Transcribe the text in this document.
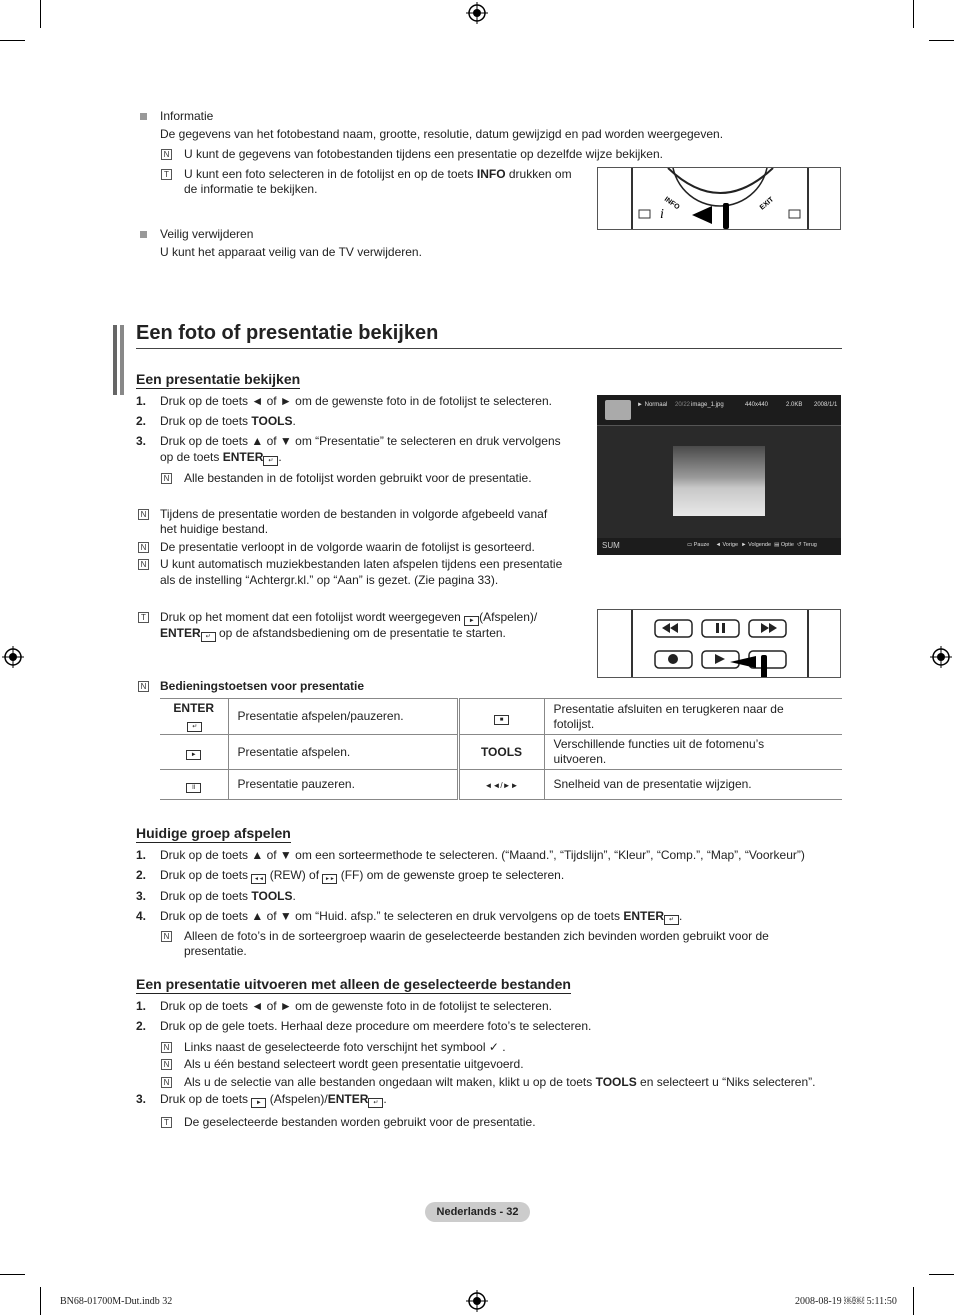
Informatie
De gegevens van het fotobestand naam, grootte, resolutie, datum gewijzigd en pad worden weergegeven.
N U kunt de gegevens van fotobestanden tijdens een presentatie op dezelfde wijze bekijken.
T U kunt een foto selecteren in de fotolijst en op de toets INFO drukken om
de informatie te bekijken.
INFO	EXIT
i
Veilig verwijderen
U kunt het apparaat veilig van de TV verwijderen.
Een foto of presentatie bekijken
Een presentatie bekijken
1. Druk op de toets ◄ of ► om de gewenste foto in de fotolijst te selecteren.
2. Druk op de toets TOOLS.
3. Druk op de toets ▲ of ▼ om “Presentatie” te selecteren en druk vervolgens
op de toets ENTER ↵ .
N Alle bestanden in de fotolijst worden gebruikt voor de presentatie.
N Tijdens de presentatie worden de bestanden in volgorde afgebeeld vanaf
het huidige bestand.
N De presentatie verloopt in de volgorde waarin de fotolijst is gesorteerd.
N U kunt automatisch muziekbestanden laten afspelen tijdens een presentatie
als de instelling “Achtergr.kl.” op “Aan” is gezet. (Zie pagina 33).
► Normaal 20/22 image_1.jpg	440x440	2.0KB 2008/1/1
SUM	▭ Pauze    ◄ Vorige  ► Volgende  ▤ Optie  ↺ Terug
T Druk op het moment dat een fotolijst wordt weergegeven ► (Afspelen)/
ENTER ↵ op de afstandsbediening om de presentatie te starten.
N Bedieningstoetsen voor presentatie
ENTER↵	Presentatie afspelen/pauzeren.	■	Presentatie afsluiten en terugkeren naar de
fotolijst.
►	Presentatie afspelen.	TOOLS	Verschillende functies uit de fotomenu’s
uitvoeren.
II	Presentatie pauzeren.	◄◄/►►	Snelheid van de presentatie wijzigen.
Huidige groep afspelen
1. Druk op de toets ▲ of ▼ om een sorteermethode te selecteren. (“Maand.”, “Tijdslijn”, “Kleur”, “Comp.”, “Map”, “Voorkeur”)
2. Druk op de toets ◄◄ (REW) of ►► (FF) om de gewenste groep te selecteren.
3. Druk op de toets TOOLS.
4. Druk op de toets ▲ of ▼ om “Huid. afsp.” te selecteren en druk vervolgens op de toets ENTER ↵ .
N Alleen de foto’s in de sorteergroep waarin de geselecteerde bestanden zich bevinden worden gebruikt voor de
presentatie.
Een presentatie uitvoeren met alleen de geselecteerde bestanden
1. Druk op de toets ◄ of ► om de gewenste foto in de fotolijst te selecteren.
2. Druk op de gele toets. Herhaal deze procedure om meerdere foto’s te selecteren.
N Links naast de geselecteerde foto verschijnt het symbool ✓ .
N Als u één bestand selecteert wordt geen presentatie uitgevoerd.
N Als u de selectie van alle bestanden ongedaan wilt maken, klikt u op de toets TOOLS en selecteert u “Niks selecteren”.
3. Druk op de toets ► (Afspelen)/ENTER ↵ .
T De geselecteerde bestanden worden gebruikt voor de presentatie.
Nederlands - 32
BN68-01700M-Dut.indb 32	2008-08-19 ￼￼ 5:11:50
